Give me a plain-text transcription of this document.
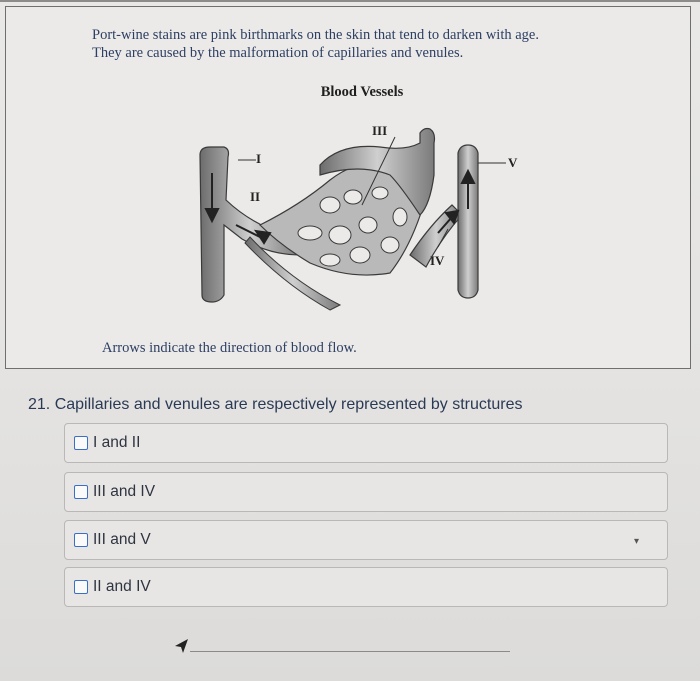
Port-wine stains are pink birthmarks on the skin that tend to darken with age.
They are caused by the malformation of capillaries and venules.
Blood Vessels
I
II
III
IV
V
Arrows indicate the direction of blood flow.
21. Capillaries and venules are respectively represented by structures
I and II
III and IV
III and V	▾
II and IV
